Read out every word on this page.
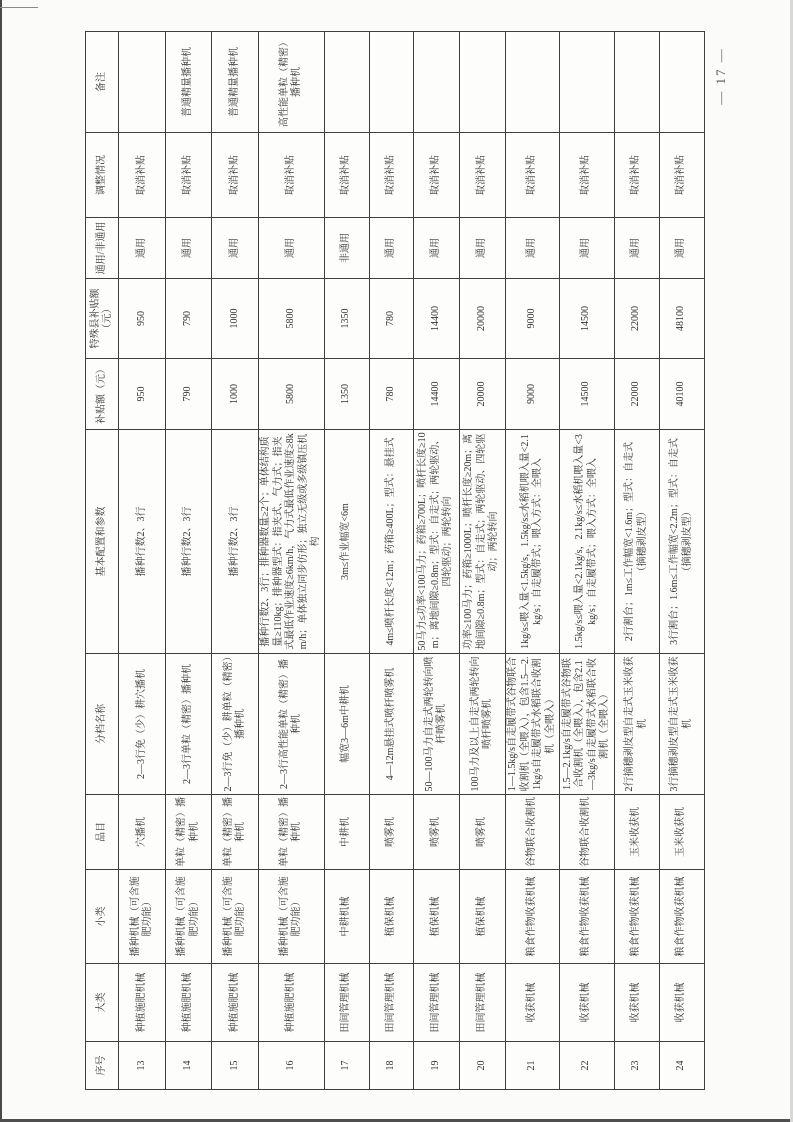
— 17 —
序号	大类	小类	品目	分档名称	基本配置和参数	补贴额（元）	特殊县补贴额（元）	通用/非通用	调整情况	备注
13	种植施肥机械	播种机械（可含施肥功能）	穴播机	2—3行免（少）耕穴播机	播种行数2、3行	950	950	通用	取消补贴	
14	种植施肥机械	播种机械（可含施肥功能）	单粒（精密）播种机	2—3行单粒（精密）播种机	播种行数2、3行	790	790	通用	取消补贴	普通精量播种机
15	种植施肥机械	播种机械（可含施肥功能）	单粒（精密）播种机	2—3行免（少）耕单粒（精密）播种机	播种行数2、3行	1000	1000	通用	取消补贴	普通精量播种机
16	种植施肥机械	播种机械（可含施肥功能）	单粒（精密）播种机	2—3行高性能单粒（精密）播种机	播种行数2、3行；排种器数量≥2个；单体结构质量≥110kg；排种器型式：指夹式、气力式；指夹式最低作业速度≥6km/h，气力式最低作业速度≥8km/h；单体独立同步仿形；独立无级或多级镇压机构	5800	5800	通用	取消补贴	高性能单粒（精密）播种机
17	田间管理机械	中耕机械	中耕机	幅宽3—6m中耕机	3m≤作业幅宽<6m	1350	1350	非通用	取消补贴	
18	田间管理机械	植保机械	喷雾机	4—12m悬挂式喷杆喷雾机	4m≤喷杆长度<12m；药箱≥400L；型式：悬挂式	780	780	通用	取消补贴	
19	田间管理机械	植保机械	喷雾机	50—100马力自走式两轮转向喷杆喷雾机	50马力≤功率<100马力；药箱≥700L；喷杆长度≥10m；离地间隙≥0.8m；型式：自走式；两轮驱动、四轮驱动；两轮转向	14400	14400	通用	取消补贴	
20	田间管理机械	植保机械	喷雾机	100马力及以上自走式两轮转向喷杆喷雾机	功率≥100马力；药箱≥1000L；喷杆长度≥20m；离地间隙≥0.8m；型式：自走式；两轮驱动、四轮驱动；两轮转向	20000	20000	通用	取消补贴	
21	收获机械	粮食作物收获机械	谷物联合收割机	1—1.5kg/s自走履带式谷物联合收割机（全喂入），包含1.5—2.1kg/s自走履带式水稻联合收割机（全喂入）	1kg/s≤喂入量<1.5kg/s，1.5kg/s≤水稻机喂入量<2.1kg/s；自走履带式；喂入方式：全喂入	9000	9000	通用	取消补贴	
22	收获机械	粮食作物收获机械	谷物联合收割机	1.5—2.1kg/s自走履带式谷物联合收割机（全喂入），包含2.1—3kg/s自走履带式水稻联合收割机（全喂入）	1.5kg/s≤喂入量<2.1kg/s，2.1kg/s≤水稻机喂入量<3kg/s；自走履带式；喂入方式：全喂入	14500	14500	通用	取消补贴	
23	收获机械	粮食作物收获机械	玉米收获机	2行摘穗剥皮型自走式玉米收获机	2行割台；1m≤工作幅宽<1.6m；型式：自走式（摘穗剥皮型）	22000	22000	通用	取消补贴	
24	收获机械	粮食作物收获机械	玉米收获机	3行摘穗剥皮型自走式玉米收获机	3行割台；1.6m≤工作幅宽<2.2m；型式：自走式（摘穗剥皮型）	40100	48100	通用	取消补贴	
